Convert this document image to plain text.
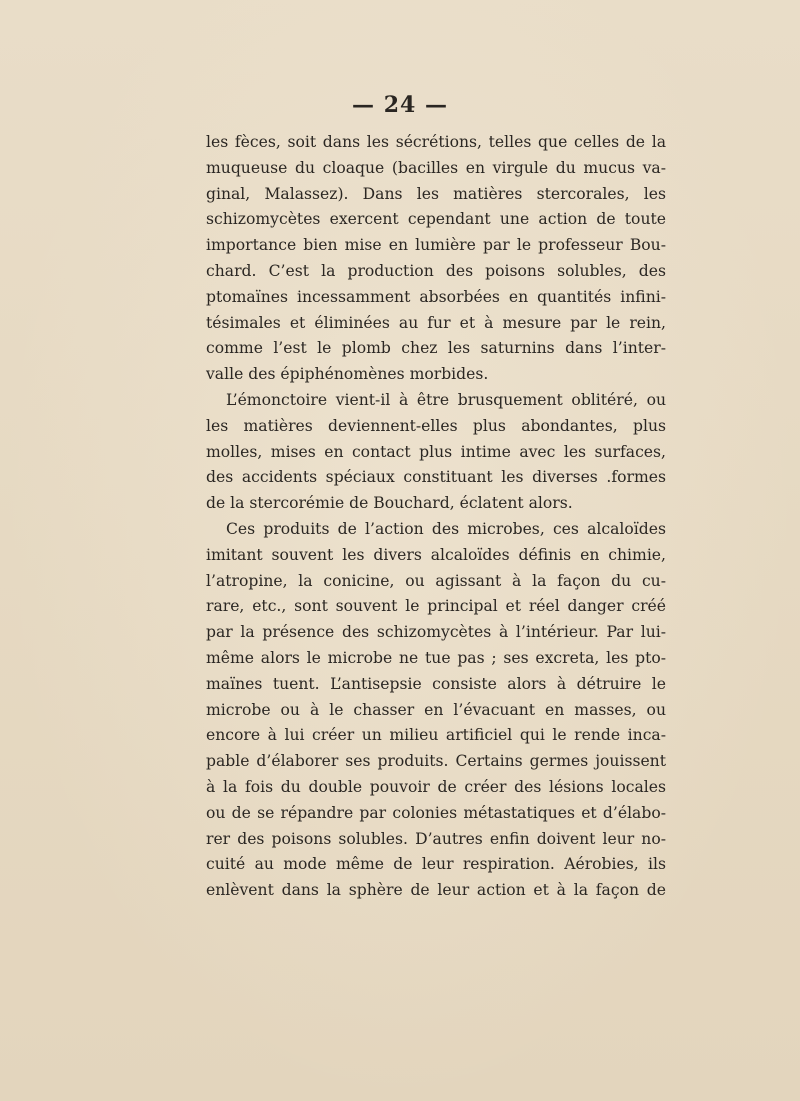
— 24 —
les fèces, soit dans les sécrétions, telles que celles de la
muqueuse du cloaque (bacilles en virgule du mucus va-
ginal, Malassez). Dans les matières stercorales, les
schizomycètes exercent cependant une action de toute
importance bien mise en lumière par le professeur Bou-
chard. C’est la production des poisons solubles, des
ptomaïnes incessamment absorbées en quantités infini-
tésimales et éliminées au fur et à mesure par le rein,
comme l’est le plomb chez les saturnins dans l’inter-
valle des épiphénomènes morbides.
L’émonctoire vient-il à être brusquement oblitéré, ou
les matières deviennent-elles plus abondantes, plus
molles, mises en contact plus intime avec les surfaces,
des accidents spéciaux constituant les diverses .formes
de la stercorémie de Bouchard, éclatent alors.
Ces produits de l’action des microbes, ces alcaloïdes
imitant souvent les divers alcaloïdes définis en chimie,
l’atropine, la conicine, ou agissant à la façon du cu-
rare, etc., sont souvent le principal et réel danger créé
par la présence des schizomycètes à l’intérieur. Par lui-
même alors le microbe ne tue pas ; ses excreta, les pto-
maïnes tuent. L’antisepsie consiste alors à détruire le
microbe ou à le chasser en l’évacuant en masses, ou
encore à lui créer un milieu artificiel qui le rende inca-
pable d’élaborer ses produits. Certains germes jouissent
à la fois du double pouvoir de créer des lésions locales
ou de se répandre par colonies métastatiques et d’élabo-
rer des poisons solubles. D’autres enfin doivent leur no-
cuité au mode même de leur respiration. Aérobies, ils
enlèvent dans la sphère de leur action et à la façon de
